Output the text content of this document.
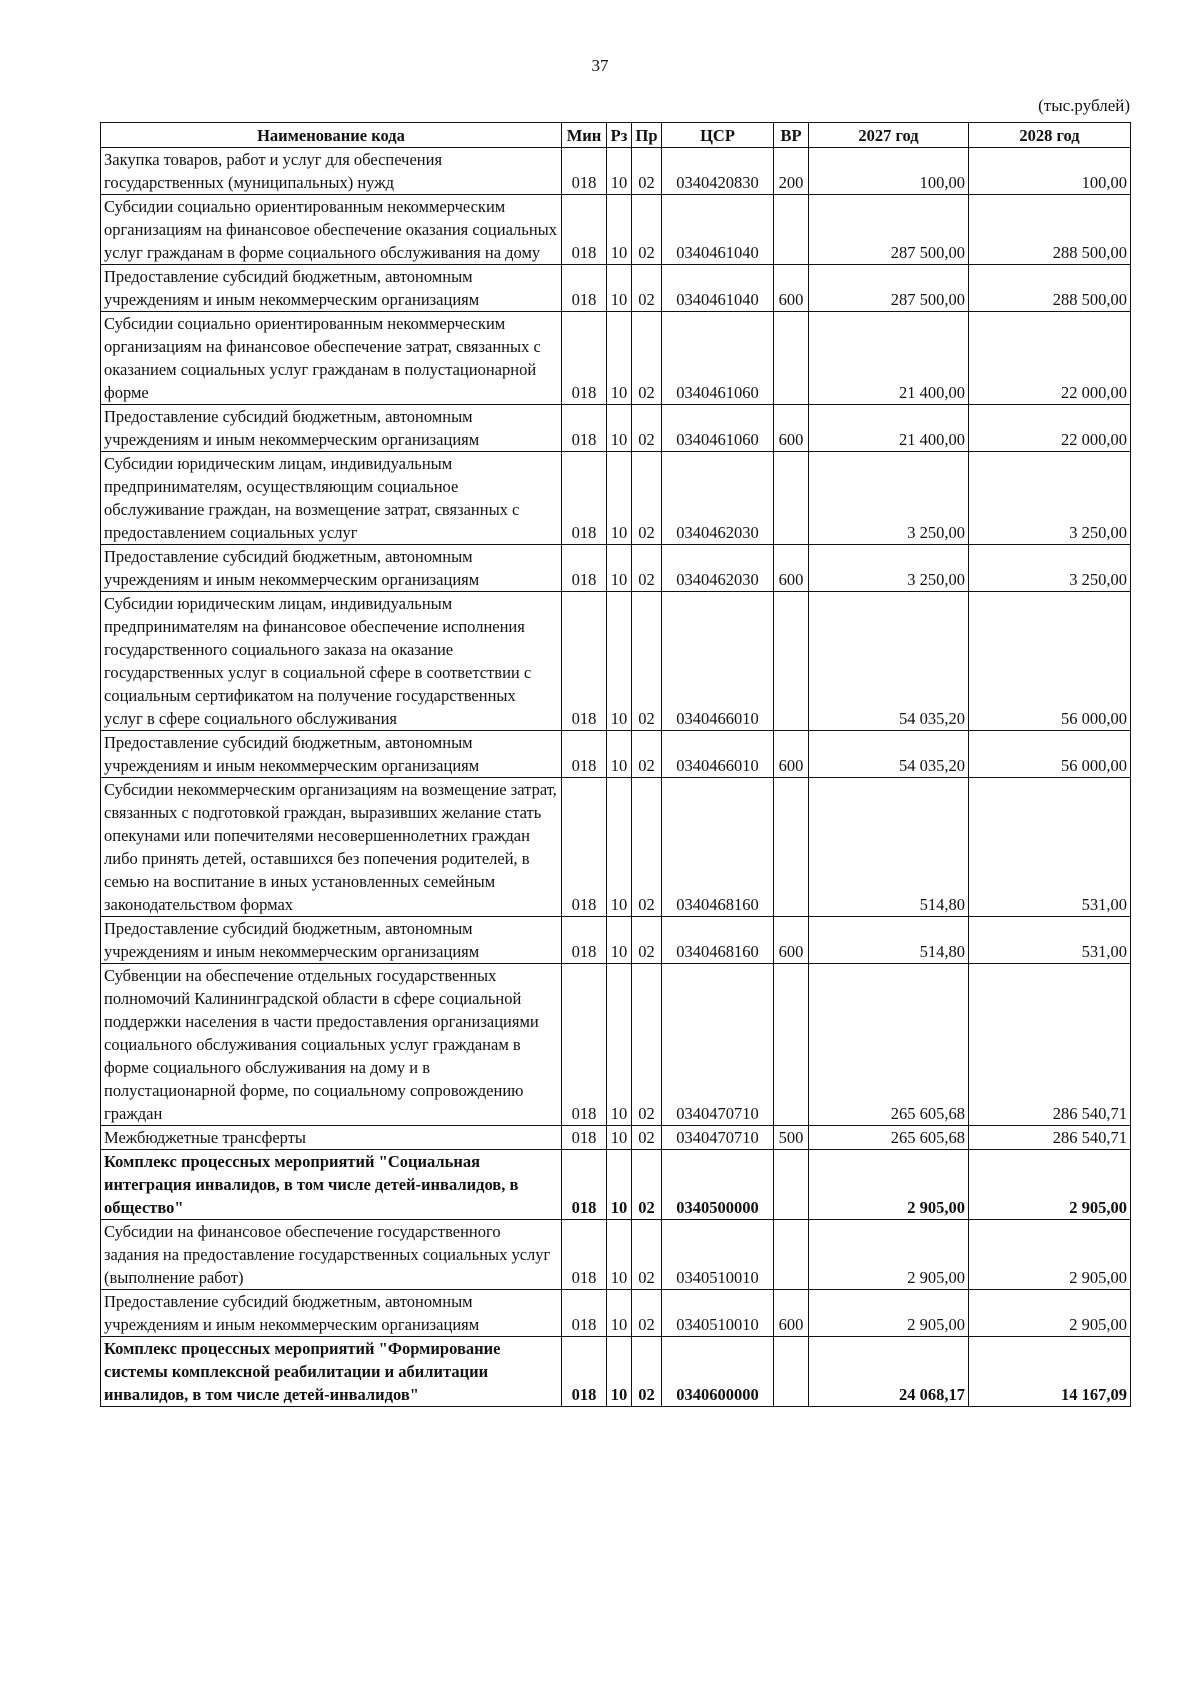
37
(тыс.рублей)
Наименование кода	Мин	Рз	Пр	ЦСР	ВР	2027 год	2028 год
Закупка товаров, работ и услуг для обеспечения государственных (муниципальных) нужд	018	10	02	0340420830	200	100,00	100,00
Субсидии социально ориентированным некоммерческим организациям на финансовое обеспечение оказания социальных услуг гражданам в форме социального обслуживания на дому	018	10	02	0340461040		287 500,00	288 500,00
Предоставление субсидий бюджетным, автономным учреждениям и иным некоммерческим организациям	018	10	02	0340461040	600	287 500,00	288 500,00
Субсидии социально ориентированным некоммерческим организациям на финансовое обеспечение затрат, связанных с оказанием социальных услуг гражданам в полустационарной форме	018	10	02	0340461060		21 400,00	22 000,00
Предоставление субсидий бюджетным, автономным учреждениям и иным некоммерческим организациям	018	10	02	0340461060	600	21 400,00	22 000,00
Субсидии юридическим лицам, индивидуальным предпринимателям, осуществляющим социальное обслуживание граждан, на возмещение затрат, связанных с предоставлением социальных услуг	018	10	02	0340462030		3 250,00	3 250,00
Предоставление субсидий бюджетным, автономным учреждениям и иным некоммерческим организациям	018	10	02	0340462030	600	3 250,00	3 250,00
Субсидии юридическим лицам, индивидуальным предпринимателям на финансовое обеспечение исполнения государственного социального заказа на оказание государственных услуг в социальной сфере в соответствии с социальным сертификатом на получение государственных услуг в сфере социального обслуживания	018	10	02	0340466010		54 035,20	56 000,00
Предоставление субсидий бюджетным, автономным учреждениям и иным некоммерческим организациям	018	10	02	0340466010	600	54 035,20	56 000,00
Субсидии некоммерческим организациям на возмещение затрат, связанных с подготовкой граждан, выразивших желание стать опекунами или попечителями несовершеннолетних граждан либо принять детей, оставшихся без попечения родителей, в семью на воспитание в иных установленных семейным законодательством формах	018	10	02	0340468160		514,80	531,00
Предоставление субсидий бюджетным, автономным учреждениям и иным некоммерческим организациям	018	10	02	0340468160	600	514,80	531,00
Субвенции на обеспечение отдельных государственных полномочий Калининградской области в сфере социальной поддержки населения в части предоставления организациями социального обслуживания социальных услуг гражданам в форме социального обслуживания на дому и в полустационарной форме, по социальному сопровождению граждан	018	10	02	0340470710		265 605,68	286 540,71
Межбюджетные трансферты	018	10	02	0340470710	500	265 605,68	286 540,71
Комплекс процессных мероприятий "Социальная интеграция инвалидов, в том числе детей-инвалидов, в общество"	018	10	02	0340500000		2 905,00	2 905,00
Субсидии на финансовое обеспечение государственного задания на предоставление государственных социальных услуг (выполнение работ)	018	10	02	0340510010		2 905,00	2 905,00
Предоставление субсидий бюджетным, автономным учреждениям и иным некоммерческим организациям	018	10	02	0340510010	600	2 905,00	2 905,00
Комплекс процессных мероприятий "Формирование системы комплексной реабилитации и абилитации инвалидов, в том числе детей-инвалидов"	018	10	02	0340600000		24 068,17	14 167,09
